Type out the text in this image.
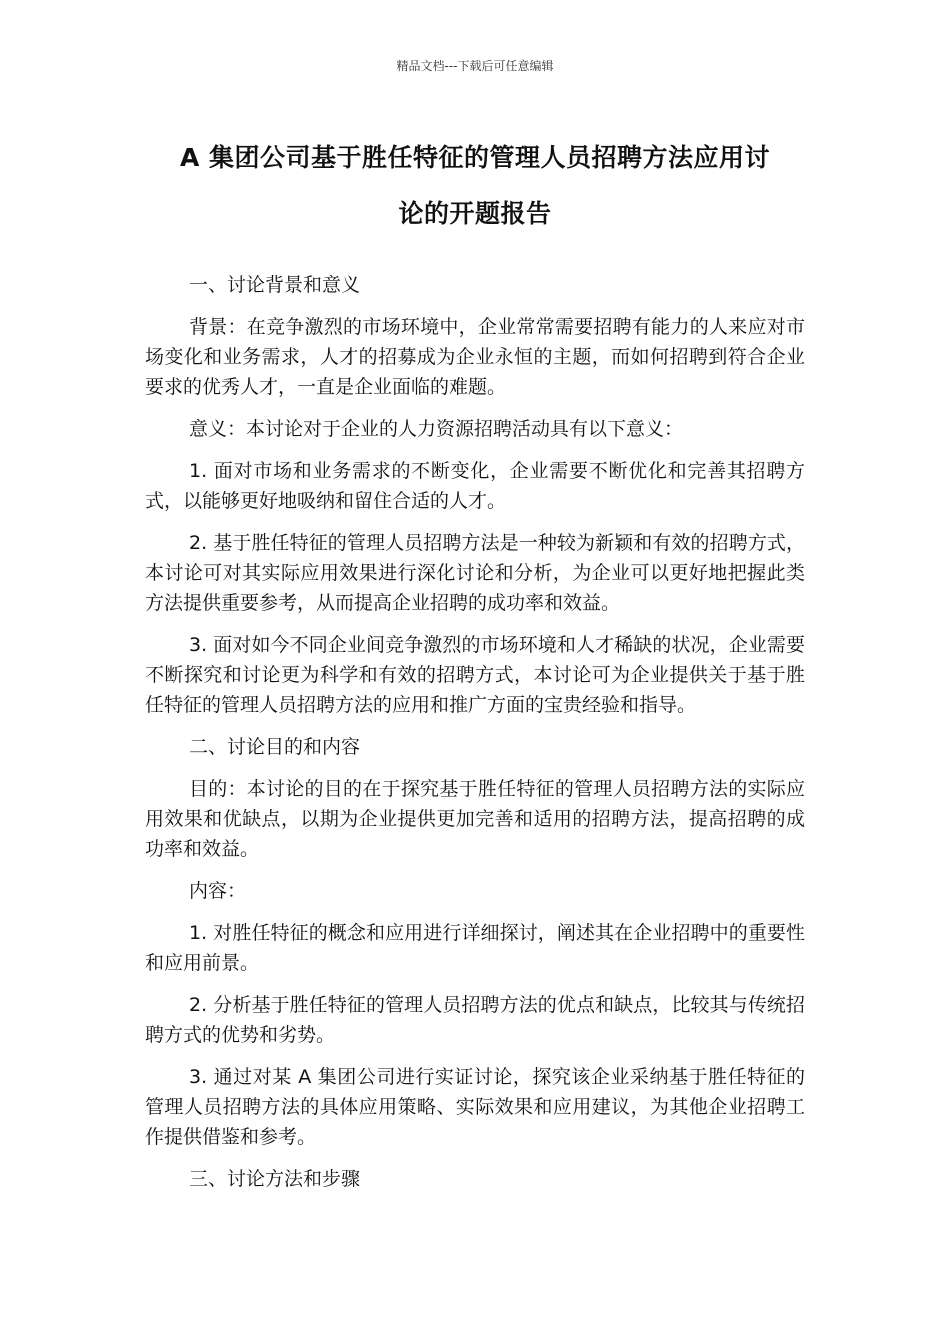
精品文档---下载后可任意编辑
A 集团公司基于胜任特征的管理人员招聘方法应用讨
论的开题报告

一、讨论背景和意义

背景：在竞争激烈的市场环境中，企业常常需要招聘有能力的人来应对市场变化和业务需求，人才的招募成为企业永恒的主题，而如何招聘到符合企业要求的优秀人才，一直是企业面临的难题。

意义：本讨论对于企业的人力资源招聘活动具有以下意义：

1. 面对市场和业务需求的不断变化，企业需要不断优化和完善其招聘方式，以能够更好地吸纳和留住合适的人才。

2. 基于胜任特征的管理人员招聘方法是一种较为新颖和有效的招聘方式，本讨论可对其实际应用效果进行深化讨论和分析，为企业可以更好地把握此类方法提供重要参考，从而提高企业招聘的成功率和效益。

3. 面对如今不同企业间竞争激烈的市场环境和人才稀缺的状况，企业需要不断探究和讨论更为科学和有效的招聘方式，本讨论可为企业提供关于基于胜任特征的管理人员招聘方法的应用和推广方面的宝贵经验和指导。

二、讨论目的和内容

目的：本讨论的目的在于探究基于胜任特征的管理人员招聘方法的实际应用效果和优缺点，以期为企业提供更加完善和适用的招聘方法，提高招聘的成功率和效益。

内容：

1. 对胜任特征的概念和应用进行详细探讨，阐述其在企业招聘中的重要性和应用前景。

2. 分析基于胜任特征的管理人员招聘方法的优点和缺点，比较其与传统招聘方式的优势和劣势。

3. 通过对某 A 集团公司进行实证讨论，探究该企业采纳基于胜任特征的管理人员招聘方法的具体应用策略、实际效果和应用建议，为其他企业招聘工作提供借鉴和参考。

三、讨论方法和步骤
